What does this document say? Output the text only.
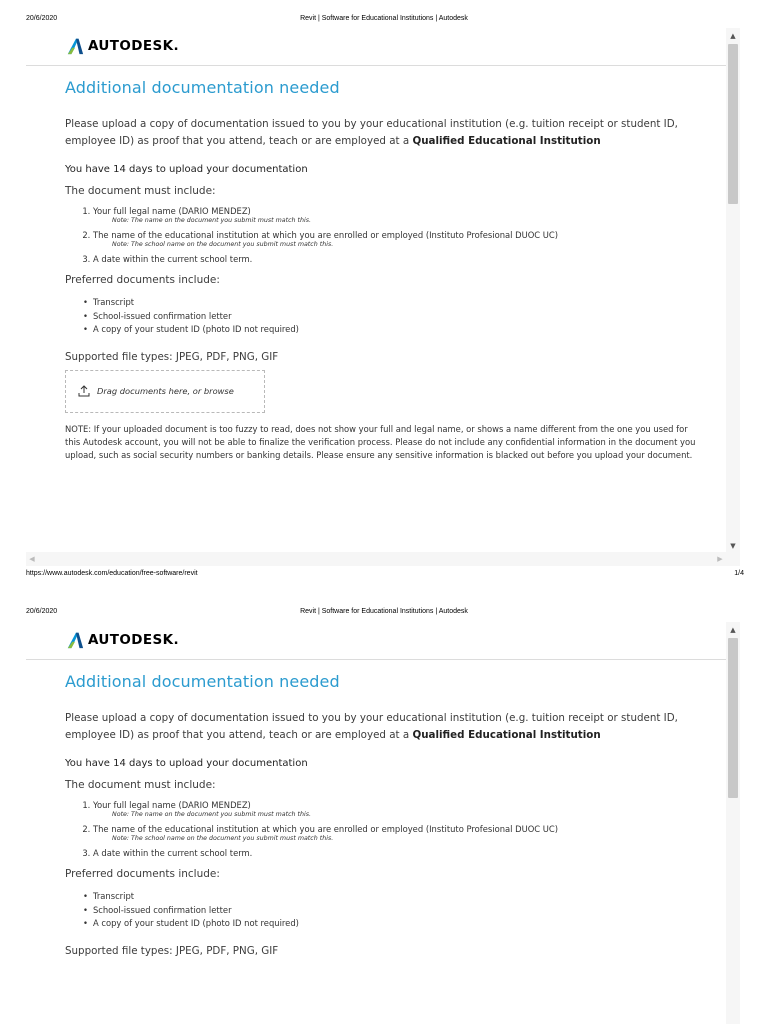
20/6/2020	Revit | Software for Educational Institutions | Autodesk
AUTODESK.
Additional documentation needed

Please upload a copy of documentation issued to you by your educational institution (e.g. tuition receipt or student ID, employee ID) as proof that you attend, teach or are employed at a Qualified Educational Institution

You have 14 days to upload your documentation

The document must include:

1. Your full legal name (DARIO MENDEZ)
Note: The name on the document you submit must match this.
2. The name of the educational institution at which you are enrolled or employed (Instituto Profesional DUOC UC)
Note: The school name on the document you submit must match this.
3. A date within the current school term.

Preferred documents include:

• Transcript
• School-issued confirmation letter
• A copy of your student ID (photo ID not required)

Supported file types: JPEG, PDF, PNG, GIF

Drag documents here, or browse

NOTE: If your uploaded document is too fuzzy to read, does not show your full and legal name, or shows a name different from the one you used for this Autodesk account, you will not be able to finalize the verification process. Please do not include any confidential information in the document you upload, such as social security numbers or banking details. Please ensure any sensitive information is blacked out before you upload your document.

▲
▼
◀	▶
https://www.autodesk.com/education/free-software/revit	1/4
20/6/2020	Revit | Software for Educational Institutions | Autodesk
AUTODESK.
Additional documentation needed

Please upload a copy of documentation issued to you by your educational institution (e.g. tuition receipt or student ID, employee ID) as proof that you attend, teach or are employed at a Qualified Educational Institution

You have 14 days to upload your documentation

The document must include:

1. Your full legal name (DARIO MENDEZ)
Note: The name on the document you submit must match this.
2. The name of the educational institution at which you are enrolled or employed (Instituto Profesional DUOC UC)
Note: The school name on the document you submit must match this.
3. A date within the current school term.

Preferred documents include:

• Transcript
• School-issued confirmation letter
• A copy of your student ID (photo ID not required)

Supported file types: JPEG, PDF, PNG, GIF

▲
